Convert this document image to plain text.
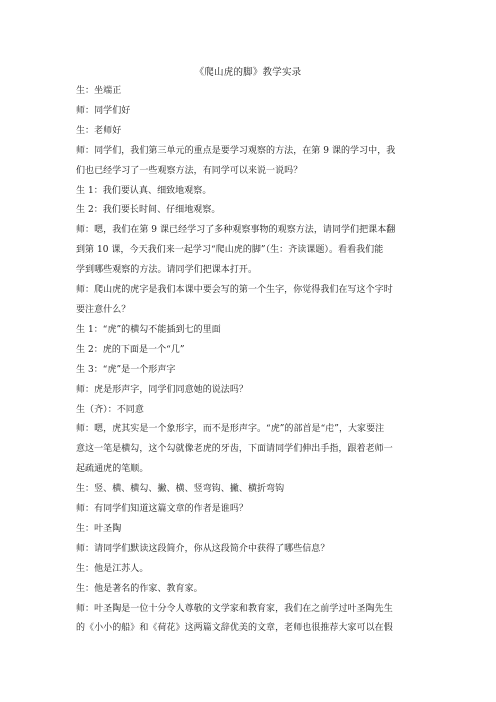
《爬山虎的脚》教学实录
生：坐端正
师：同学们好
生：老师好
师：同学们，我们第三单元的重点是要学习观察的方法，在第 9 课的学习中，我
们也已经学习了一些观察方法，有同学可以来说一说吗？
生 1：我们要认真、细致地观察。
生 2：我们要长时间、仔细地观察。
师：嗯，我们在第 9 课已经学习了多种观察事物的观察方法，请同学们把课本翻
到第 10 课，今天我们来一起学习“爬山虎的脚”（生：齐读课题）。看看我们能
学到哪些观察的方法。请同学们把课本打开。
师：爬山虎的虎字是我们本课中要会写的第一个生字，你觉得我们在写这个字时
要注意什么？
生 1：“虎”的横勾不能插到七的里面
生 2：虎的下面是一个“几”
生 3：“虎”是一个形声字
师：虎是形声字，同学们同意她的说法吗？
生（齐）：不同意
师：嗯，虎其实是一个象形字，而不是形声字。“虎”的部首是“虍”，大家要注
意这一笔是横勾，这个勾就像老虎的牙齿，下面请同学们伸出手指，跟着老师一
起疏通虎的笔顺。
生：竖、横、横勾、撇、横、竖弯钩、撇、横折弯钩
师：有同学们知道这篇文章的作者是谁吗？
生：叶圣陶
师：请同学们默读这段简介，你从这段简介中获得了哪些信息？
生：他是江苏人。
生：他是著名的作家、教育家。
师：叶圣陶是一位十分令人尊敬的文学家和教育家，我们在之前学过叶圣陶先生
的《小小的船》和《荷花》这两篇文辞优美的文章，老师也很推荐大家可以在假
